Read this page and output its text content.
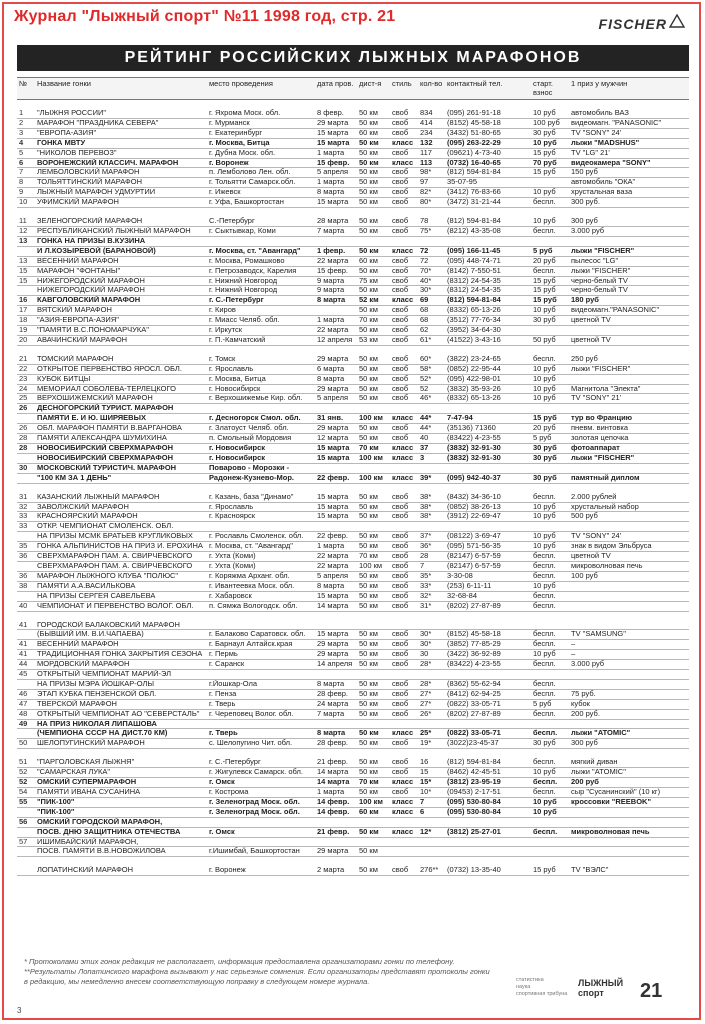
Журнал "Лыжный спорт" №11 1998 год, стр. 21	FISCHER
РЕЙТИНГ РОССИЙСКИХ ЛЫЖНЫХ МАРАФОНОВ
№	Название гонки	место проведения	дата пров.	дист-я	стиль	кол-во	контактный тел.	старт. взнос	1 приз у мужчин

1	"ЛЫЖНЯ РОССИИ"	г. Яхрома Моск. обл.	8 февр.	50 км	своб	834	(095) 261-91-18	10 руб	автомобиль ВАЗ
2	МАРАФОН "ПРАЗДНИКА СЕВЕРА"	г. Мурманск	29 марта	50 км	своб	414	(8152) 45-58-18	100 руб	видеомагн. "PANASONIC"
3	"ЕВРОПА-АЗИЯ"	г. Екатеринбург	15 марта	60 км	своб	234	(3432) 51-80-65	30 руб	TV "SONY" 24'
4	ГОНКА МВТУ	г. Москва, Битца	15 марта	50 км	класс	132	(095) 263-22-29	10 руб	лыжи "MADSHUS"
5	"НИКОЛОВ ПЕРЕВОЗ"	г. Дубна Моск. обл.	1 марта	50 км	своб	117	(09621) 4-73-40	15 руб	TV "LG" 21'
6	ВОРОНЕЖСКИЙ КЛАССИЧ. МАРАФОН	г. Воронеж	15 февр.	50 км	класс	113	(0732) 16-40-65	70 руб	видеокамера "SONY"
7	ЛЕМБОЛОВСКИЙ МАРАФОН	п. Лемболово Лен. обл.	5 апреля	50 км	своб	98*	(812) 594-81-84	15 руб	150 руб
8	ТОЛЬЯТТИНСКИЙ МАРАФОН	г. Тольятти Самарск.обл.	1 марта	50 км	своб	97	35-07-95		автомобиль "ОКА"
9	ЛЫЖНЫЙ МАРАФОН УДМУРТИИ	г. Ижевск	8 марта	50 км	своб	82*	(3412) 76-83-66	10 руб	хрустальная ваза
10	УФИМСКИЙ МАРАФОН	г. Уфа, Башкортостан	15 марта	50 км	своб	80*	(3472) 31-21-44	беспл.	300 руб.

11	ЗЕЛЕНОГОРСКИЙ МАРАФОН	С.-Петербург	28 марта	50 км	своб	78	(812) 594-81-84	10 руб	300 руб
12	РЕСПУБЛИКАНСКИЙ ЛЫЖНЫЙ МАРАФОН	г. Сыктывкар, Коми	7 марта	50 км	своб	75*	(8212) 43-35-08	беспл.	3.000 руб
13	ГОНКА НА ПРИЗЫ В.КУЗИНА								
	И Л.КОЗЫРЕВОЙ (БАРАНОВОЙ)	г. Москва, ст. "Авангард"	1 февр.	50 км	класс	72	(095) 166-11-45	5 руб	лыжи "FISCHER"
13	ВЕСЕННИЙ МАРАФОН	г. Москва, Ромашково	22 марта	60 км	своб	72	(095) 448-74-71	20 руб	пылесос "LG"
15	МАРАФОН "ФОНТАНЫ"	г. Петрозаводск, Карелия	15 февр.	50 км	своб	70*	(8142) 7-550-51	беспл.	лыжи "FISCHER"
15	НИЖЕГОРОДСКИЙ МАРАФОН	г. Нижний Новгород	9 марта	75 км	своб	40*	(8312) 24-54-35	15 руб	черно-белый TV
	НИЖЕГОРОДСКИЙ МАРАФОН	г. Нижний Новгород	9 марта	50 км	своб	30*	(8312) 24-54-35	15 руб	черно-белый TV
16	КАВГОЛОВСКИЙ МАРАФОН	г. С.-Петербург	8 марта	52 км	класс	69	(812) 594-81-84	15 руб	180 руб
17	ВЯТСКИЙ МАРАФОН	г. Киров		50 км	своб	68	(8332) 65-13-26	10 руб	видеомагн."PANASONIC"
18	"АЗИЯ-ЕВРОПА-АЗИЯ"	г. Миасс Челяб. обл.	1 марта	70 км	своб	68	(3512) 77-76-34	30 руб	цветной TV
19	"ПАМЯТИ В.С.ПОНОМАРЧУКА"	г. Иркутск	22 марта	50 км	своб	62	(3952) 34-64-30		
20	АВАЧИНСКИЙ МАРАФОН	г. П.-Камчатский	12 апреля	53 км	своб	61*	(41522) 3-43-16	50 руб	цветной TV

21	ТОМСКИЙ МАРАФОН	г. Томск	29 марта	50 км	своб	60*	(3822) 23-24-65	беспл.	250 руб
22	ОТКРЫТОЕ ПЕРВЕНСТВО ЯРОСЛ. ОБЛ.	г. Ярославль	6 марта	50 км	своб	58*	(0852) 22-95-44	10 руб	лыжи "FISCHER"
23	КУБОК БИТЦЫ	г. Москва, Битца	8 марта	50 км	своб	52*	(095) 422-98-01	10 руб	
24	МЕМОРИАЛ СОБОЛЕВА-ТЕРЛЕЦКОГО	г. Новосибирск	29 марта	50 км	своб	52	(3832) 35-93-26	10 руб	Магнитола "Электа"
25	ВЕРХОШИЖЕМСКИЙ МАРАФОН	г. Верхошижемье Кир. обл.	5 апреля	50 км	своб	46*	(8332) 65-13-26	10 руб	TV "SONY" 21'
26	ДЕСНОГОРСКИЙ ТУРИСТ. МАРАФОН								
	ПАМЯТИ Е. И Ю. ШИРЯЕВЫХ	г. Десногорск Смол. обл.	31 янв.	100 км	класс	44*	7-47-94	15 руб	тур во Францию
26	ОБЛ. МАРАФОН ПАМЯТИ В.ВАРГАНОВА	г. Златоуст Челяб. обл.	29 марта	50 км	своб	44*	(35136) 71360	20 руб	пневм. винтовка
28	ПАМЯТИ АЛЕКСАНДРА ШУМИХИНА	п. Смольный Мордовия	12 марта	50 км	своб	40	(83422) 4-23-55	5 руб	золотая цепочка
28	НОВОСИБИРСКИЙ СВЕРХМАРАФОН	г. Новосибирск	15 марта	70 км	класс	37	(3832) 32-91-30	30 руб	фотоаппарат
	НОВОСИБИРСКИЙ СВЕРХМАРАФОН	г. Новосибирск	15 марта	100 км	класс	3	(3832) 32-91-30	30 руб	лыжи "FISCHER"
30	МОСКОВСКИЙ ТУРИСТИЧ. МАРАФОН	Поварово - Морозки -							
	"100 КМ ЗА 1 ДЕНЬ"	Радонеж-Кузнево-Мор.	22 февр.	100 км	класс	39*	(095) 942-40-37	30 руб	памятный диплом

31	КАЗАНСКИЙ ЛЫЖНЫЙ МАРАФОН	г. Казань, база "Динамо"	15 марта	50 км	своб	38*	(8432) 34-36-10	беспл.	2.000 рублей
32	ЗАВОЛЖСКИЙ МАРАФОН	г. Ярославль	15 марта	50 км	своб	38*	(0852) 38-26-13	10 руб	хрустальный набор
33	КРАСНОЯРСКИЙ МАРАФОН	г. Красноярск	15 марта	50 км	своб	38*	(3912) 22-69-47	10 руб	500 руб
33	ОТКР. ЧЕМПИОНАТ СМОЛЕНСК. ОБЛ.								
	НА ПРИЗЫ МСМК БРАТЬЕВ КРУГЛИКОВЫХ	г. Рославль Смоленск. обл.	22 февр.	50 км	своб	37*	(08122) 3-69-47	10 руб	TV "SONY" 24'
35	ГОНКА АЛЬПИНИСТОВ НА ПРИЗ И. ЕРОХИНА	г. Москва, ст. "Авангард"	1 марта	50 км	своб	36*	(095) 571-56-35	10 руб	знак в видом Эльбруса
36	СВЕРХМАРАФОН ПАМ. А. СВИРЧЕВСКОГО	г. Ухта (Коми)	22 марта	70 км	своб	28	(82147) 6-57-59	беспл.	цветной TV
	СВЕРХМАРАФОН ПАМ. А. СВИРЧЕВСКОГО	г. Ухта (Коми)	22 марта	100 км	своб	7	(82147) 6-57-59	беспл.	микроволновая печь
36	МАРАФОН ЛЫЖНОГО КЛУБА "ПОЛЮС"	г. Коряжма Арханг. обл.	5 апреля	50 км	своб	35*	3-30-08	беспл.	100 руб
38	ПАМЯТИ А.А.ВАСИЛЬКОВА	г. Ивантеевка Моск. обл.	8 марта	50 км	своб	33*	(253) 6-11-11	10 руб	
	НА ПРИЗЫ СЕРГЕЯ САВЕЛЬЕВА	г. Хабаровск	15 марта	50 км	своб	32*	32-68-84	беспл.	
40	ЧЕМПИОНАТ И ПЕРВЕНСТВО ВОЛОГ. ОБЛ.	п. Сямжа Вологодск. обл.	14 марта	50 км	своб	31*	(8202) 27-87-89	беспл.	

41	ГОРОДСКОЙ БАЛАКОВСКИЙ МАРАФОН								
	(БЫВШИЙ ИМ. В.И.ЧАПАЕВА)	г. Балаково Саратовск. обл.	15 марта	50 км	своб	30*	(8152) 45-58-18	беспл.	TV "SAMSUNG"
41	ВЕСЕННИЙ МАРАФОН	г. Барнаул Алтайск.края	29 марта	50 км	своб	30*	(3852) 77-85-29	беспл.	–
41	ТРАДИЦИОННАЯ ГОНКА ЗАКРЫТИЯ СЕЗОНА	г. Пермь	29 марта	50 км	своб	30	(3422) 36-92-89	10 руб	–
44	МОРДОВСКИЙ МАРАФОН	г. Саранск	14 апреля	50 км	своб	28*	(83422) 4-23-55	беспл.	3.000 руб
45	ОТКРЫТЫЙ ЧЕМПИОНАТ МАРИЙ-ЭЛ								
	НА ПРИЗЫ МЭРА ЙОШКАР-ОЛЫ	г.Йошкар-Ола	8 марта	50 км	своб	28*	(8362) 55-62-94	беспл.	
46	ЭТАП КУБКА ПЕНЗЕНСКОЙ ОБЛ.	г. Пенза	28 февр.	50 км	своб	27*	(8412) 62-94-25	беспл.	75 руб.
47	ТВЕРСКОЙ МАРАФОН	г. Тверь	24 марта	50 км	своб	27*	(0822) 33-05-71	5 руб	кубок
48	ОТКРЫТЫЙ ЧЕМПИОНАТ АО "СЕВЕРСТАЛЬ"	г. Череповец Волог. обл.	7 марта	50 км	своб	26*	(8202) 27-87-89	беспл.	200 руб.
49	НА ПРИЗ НИКОЛАЯ ЛИПАШОВА								
	(ЧЕМПИОНА СССР НА ДИСТ.70 КМ)	г. Тверь	8 марта	50 км	класс	25*	(0822) 33-05-71	беспл.	лыжи "ATOMIC"
50	ШЕЛОПУГИНСКИЙ МАРАФОН	с. Шелопугино Чит. обл.	28 февр.	50 км	своб	19*	(3022)23-45-37	30 руб	300 руб

51	"ПАРГОЛОВСКАЯ ЛЫЖНЯ"	г. С.-Петербург	21 февр.	50 км	своб	16	(812) 594-81-84	беспл.	мягкий диван
52	"САМАРСКАЯ ЛУКА"	г. Жигулевск Самарск. обл.	14 марта	50 км	своб	15	(8462) 42-45-51	10 руб	лыжи "ATOMIC"
52	ОМСКИЙ СУПЕРМАРАФОН	г. Омск	14 марта	70 км	класс	15*	(3812) 23-95-19	беспл.	200 руб
54	ПАМЯТИ ИВАНА СУСАНИНА	г. Кострома	1 марта	50 км	своб	10*	(09453) 2-17-51	беспл.	сыр "Сусанинский" (10 кг)
55	"ПИК-100"	г. Зеленоград Моск. обл.	14 февр.	100 км	класс	7	(095) 530-80-84	10 руб	кроссовки "REEBOK"
	"ПИК-100"	г. Зеленоград Моск. обл.	14 февр.	60 км	класс	6	(095) 530-80-84	10 руб	
56	ОМСКИЙ ГОРОДСКОЙ МАРАФОН,								
	ПОСВ. ДНЮ ЗАЩИТНИКА ОТЕЧЕСТВА	г. Омск	21 февр.	50 км	класс	12*	(3812) 25-27-01	беспл.	микроволновая печь
57	ИШИМБАЙСКИЙ МАРАФОН,								
	ПОСВ. ПАМЯТИ В.В.НОВОЖИЛОВА	г.Ишимбай, Башкортостан	29 марта	50 км					

	ЛОПАТИНСКИЙ МАРАФОН	г. Воронеж	2 марта	50 км	своб	276**	(0732) 13-35-40	15 руб	TV "ВЭЛС"
* Протоколами этих гонок редакция не располагает, информация предоставлена организаторами гонки по телефону. **Результаты Лопатинского марафона вызывают у нас серьезные сомнения. Если организаторы представят протоколы гонки в редакцию, мы немедленно внесем соответствующую поправку в следующем номере журнала.
3
статистика
наука
спортивная трибуна
ЛЫЖНЫЙ
спорт	21
